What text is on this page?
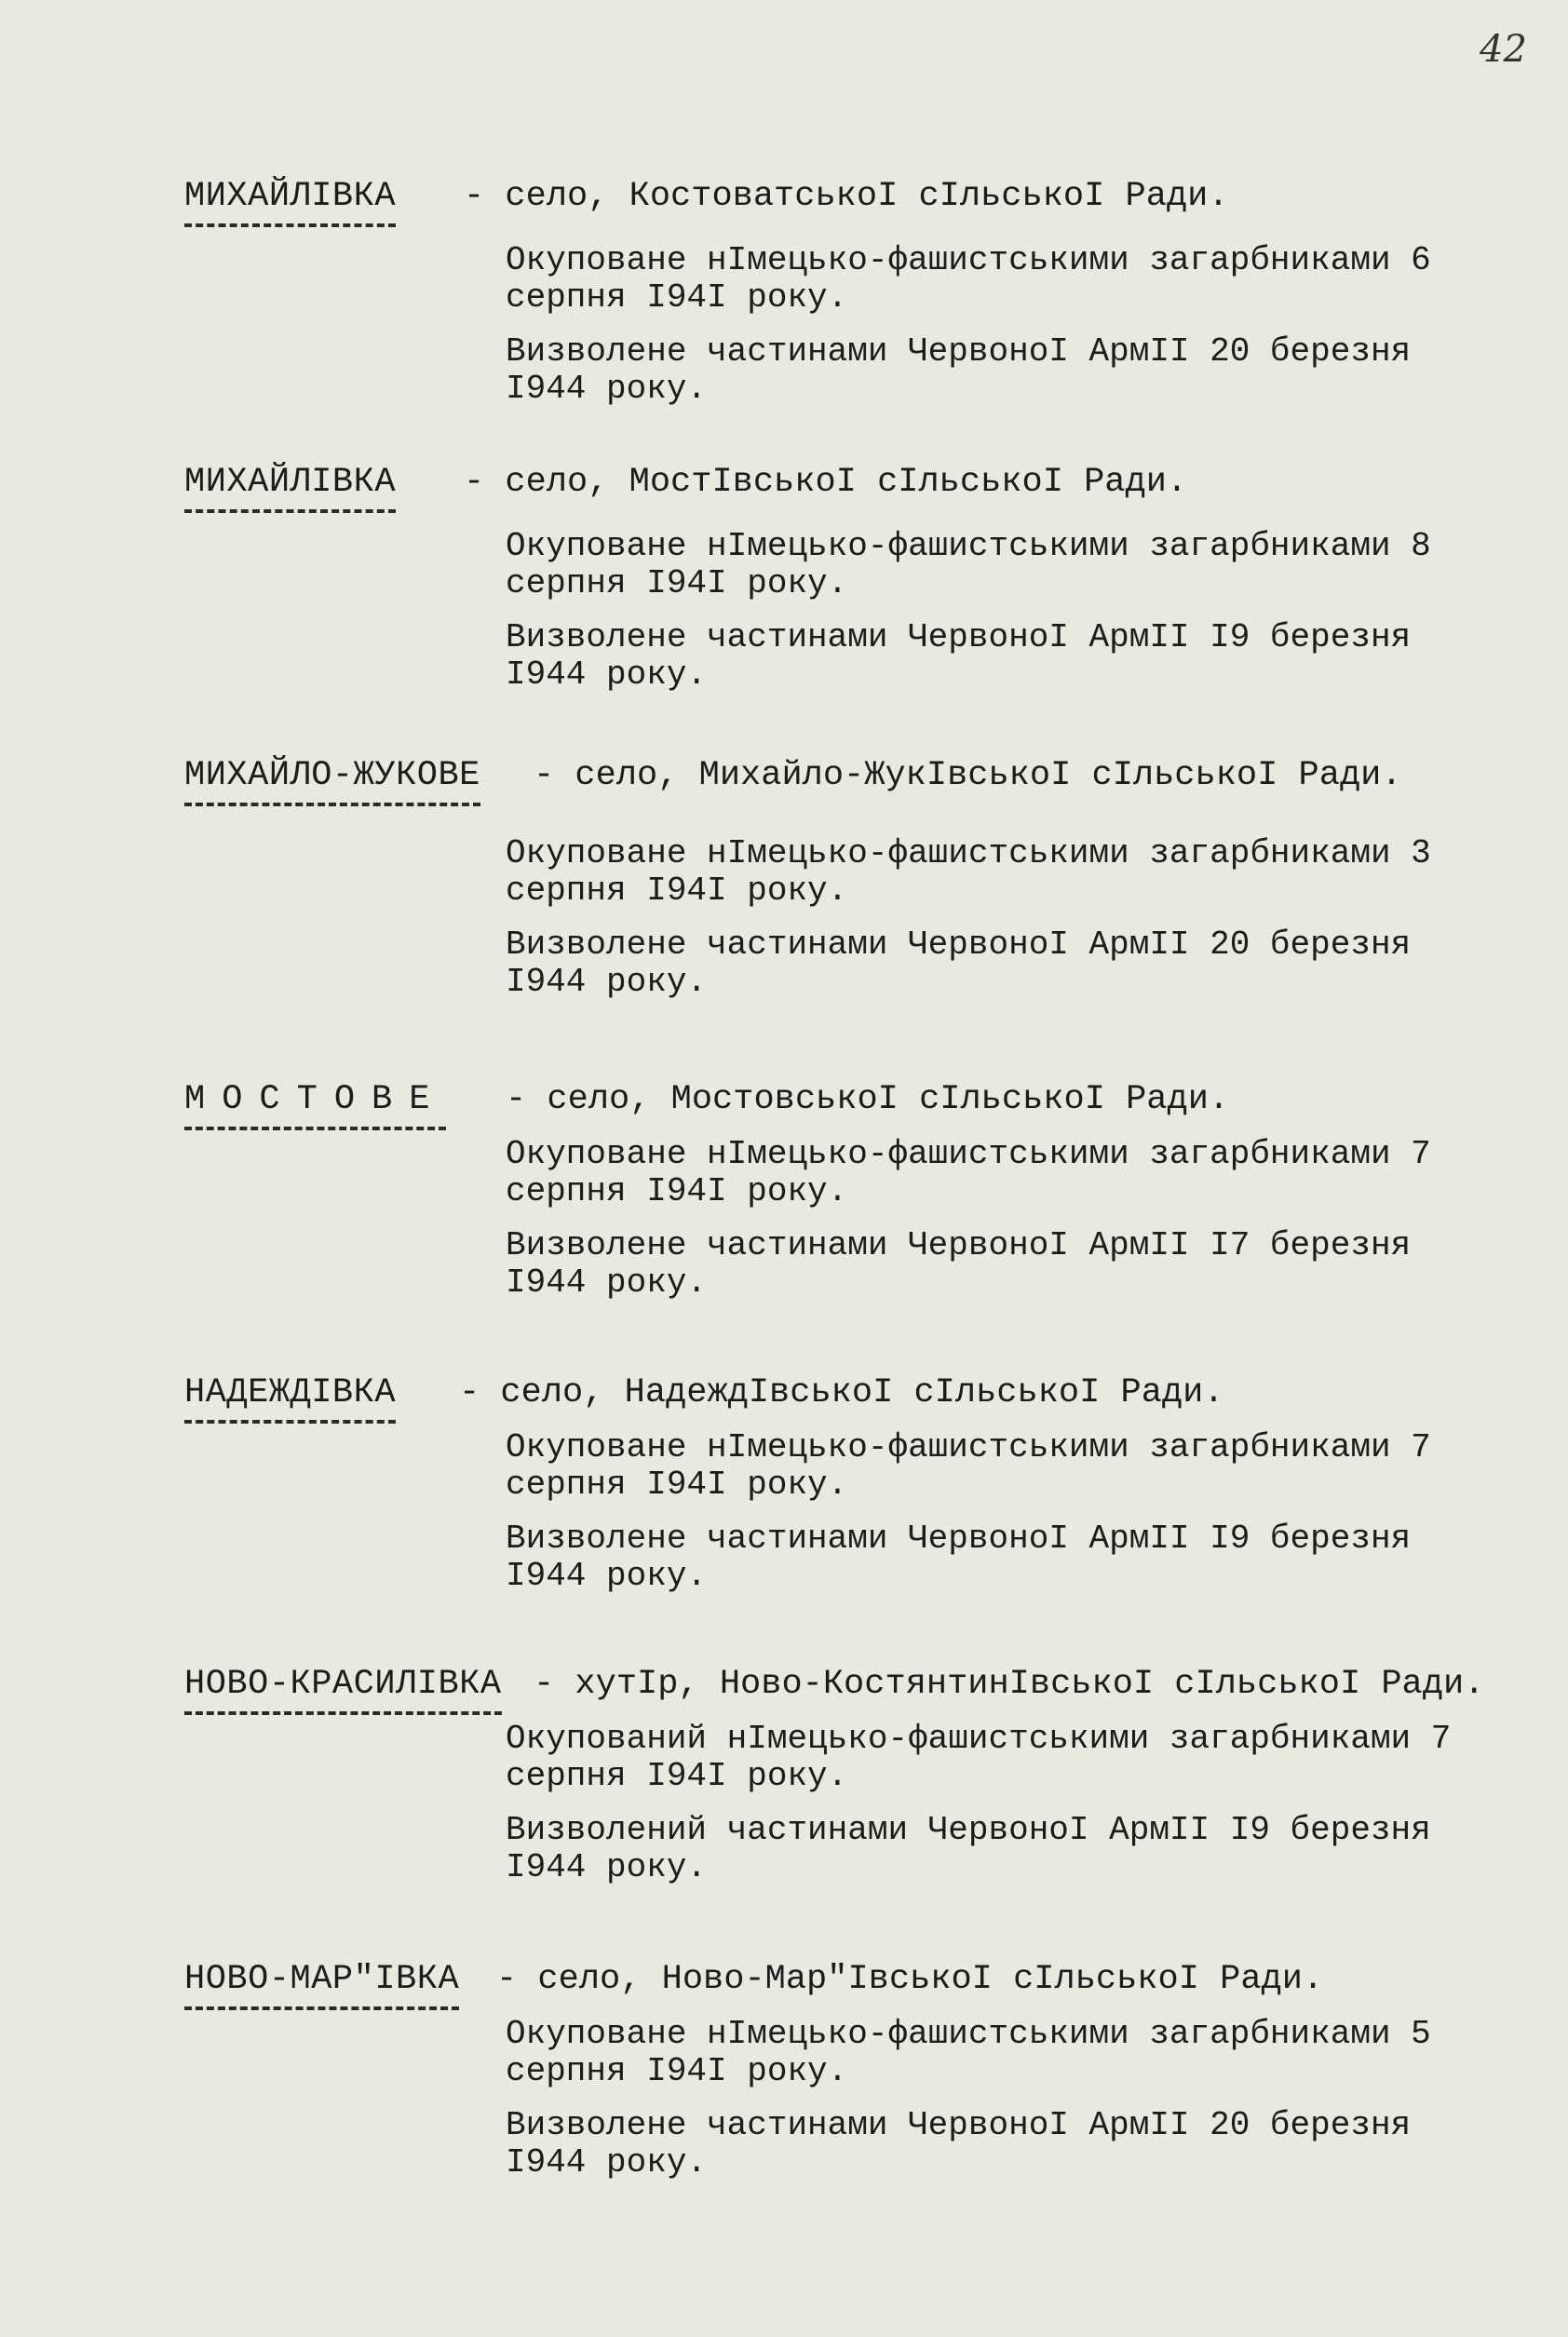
42
МИХАЙЛІВКА - село, КостоватськоІ сІльськоІ Ради.

Окуповане нІмецько-фашистськими загарбниками 6 серпня І94І року.

Визволене частинами ЧервоноІ АрмІІ 20 березня І944 року.

МИХАЙЛІВКА - село, МостІвськоІ сІльськоІ Ради.

Окуповане нІмецько-фашистськими загарбниками 8 серпня І94І року.

Визволене частинами ЧервоноІ АрмІІ І9 березня І944 року.

МИХАЙЛО-ЖУКОВЕ - село, Михайло-ЖукІвськоІ сІльськоІ Ради.

Окуповане нІмецько-фашистськими загарбниками 3 серпня І94І року.

Визволене частинами ЧервоноІ АрмІІ 20 березня І944 року.

МОСТОВЕ - село, МостовськоІ сІльськоІ Ради.

Окуповане нІмецько-фашистськими загарбниками 7 серпня І94І року.

Визволене частинами ЧервоноІ АрмІІ І7 березня І944 року.

НАДЕЖДІВКА - село, НадеждІвськоІ сІльськоІ Ради.

Окуповане нІмецько-фашистськими загарбниками 7 серпня І94І року.

Визволене частинами ЧервоноІ АрмІІ І9 березня І944 року.

НОВО-КРАСИЛІВКА - хутІр, Ново-КостянтинІвськоІ сІльськоІ Ради.

Окупований нІмецько-фашистськими загарбниками 7 серпня І94І року.

Визволений частинами ЧервоноІ АрмІІ І9 березня І944 року.

НОВО-МАР"ІВКА - село, Ново-Мар"ІвськоІ сІльськоІ Ради.

Окуповане нІмецько-фашистськими загарбниками 5 серпня І94І року.

Визволене частинами ЧервоноІ АрмІІ 20 березня І944 року.
